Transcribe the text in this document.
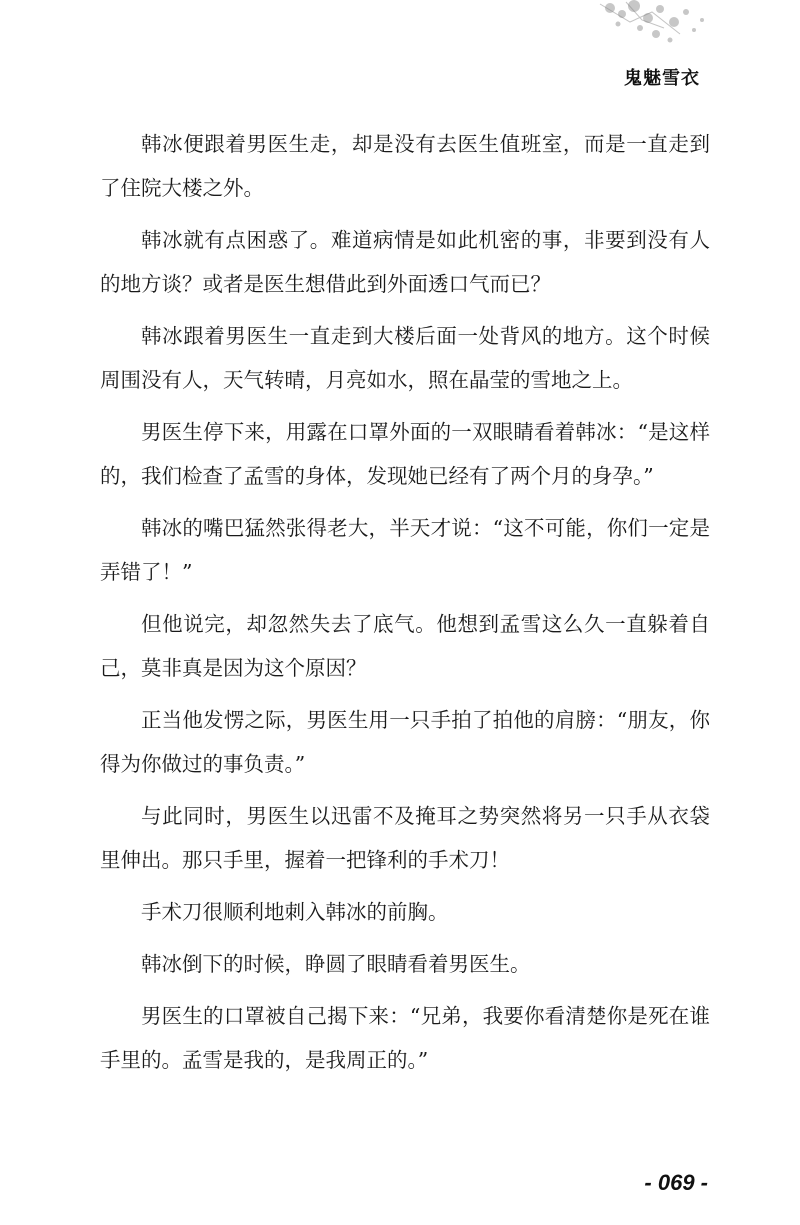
鬼魅雪衣

韩冰便跟着男医生走，却是没有去医生值班室，而是一直走到了住院大楼之外。

韩冰就有点困惑了。难道病情是如此机密的事，非要到没有人的地方谈？或者是医生想借此到外面透口气而已？

韩冰跟着男医生一直走到大楼后面一处背风的地方。这个时候周围没有人，天气转晴，月亮如水，照在晶莹的雪地之上。

男医生停下来，用露在口罩外面的一双眼睛看着韩冰：“是这样的，我们检查了孟雪的身体，发现她已经有了两个月的身孕。”

韩冰的嘴巴猛然张得老大，半天才说：“这不可能，你们一定是弄错了！”

但他说完，却忽然失去了底气。他想到孟雪这么久一直躲着自己，莫非真是因为这个原因？

正当他发愣之际，男医生用一只手拍了拍他的肩膀：“朋友，你得为你做过的事负责。”

与此同时，男医生以迅雷不及掩耳之势突然将另一只手从衣袋里伸出。那只手里，握着一把锋利的手术刀！

手术刀很顺利地刺入韩冰的前胸。

韩冰倒下的时候，睁圆了眼睛看着男医生。

男医生的口罩被自己揭下来：“兄弟，我要你看清楚你是死在谁手里的。孟雪是我的，是我周正的。”

- 069 -
